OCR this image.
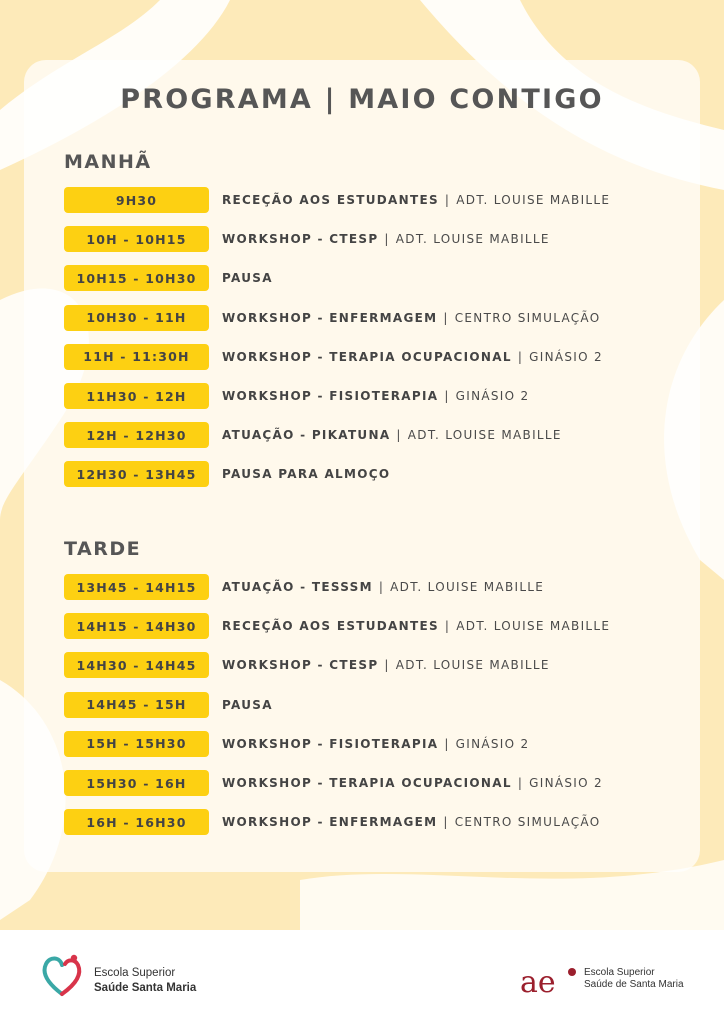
PROGRAMA | MAIO CONTIGO
MANHÃ
9H30	RECEÇÃO AOS ESTUDANTES | ADT. LOUISE MABILLE
10H - 10H15	WORKSHOP - CTESP | ADT. LOUISE MABILLE
10H15 - 10H30	PAUSA
10H30 - 11H	WORKSHOP - ENFERMAGEM | CENTRO SIMULAÇÃO
11H - 11:30H	WORKSHOP - TERAPIA OCUPACIONAL | GINÁSIO 2
11H30 - 12H	WORKSHOP - FISIOTERAPIA | GINÁSIO 2
12H - 12H30	ATUAÇÃO - PIKATUNA | ADT. LOUISE MABILLE
12H30 - 13H45	PAUSA PARA ALMOÇO
TARDE
13H45 - 14H15	ATUAÇÃO - TESSSM | ADT. LOUISE MABILLE
14H15 - 14H30	RECEÇÃO AOS ESTUDANTES | ADT. LOUISE MABILLE
14H30 - 14H45	WORKSHOP - CTESP | ADT. LOUISE MABILLE
14H45 - 15H	PAUSA
15H - 15H30	WORKSHOP - FISIOTERAPIA | GINÁSIO 2
15H30 - 16H	WORKSHOP - TERAPIA OCUPACIONAL | GINÁSIO 2
16H - 16H30	WORKSHOP - ENFERMAGEM | CENTRO SIMULAÇÃO
Escola Superior
Saúde Santa Maria	ae	Escola Superior
Saúde de Santa Maria
